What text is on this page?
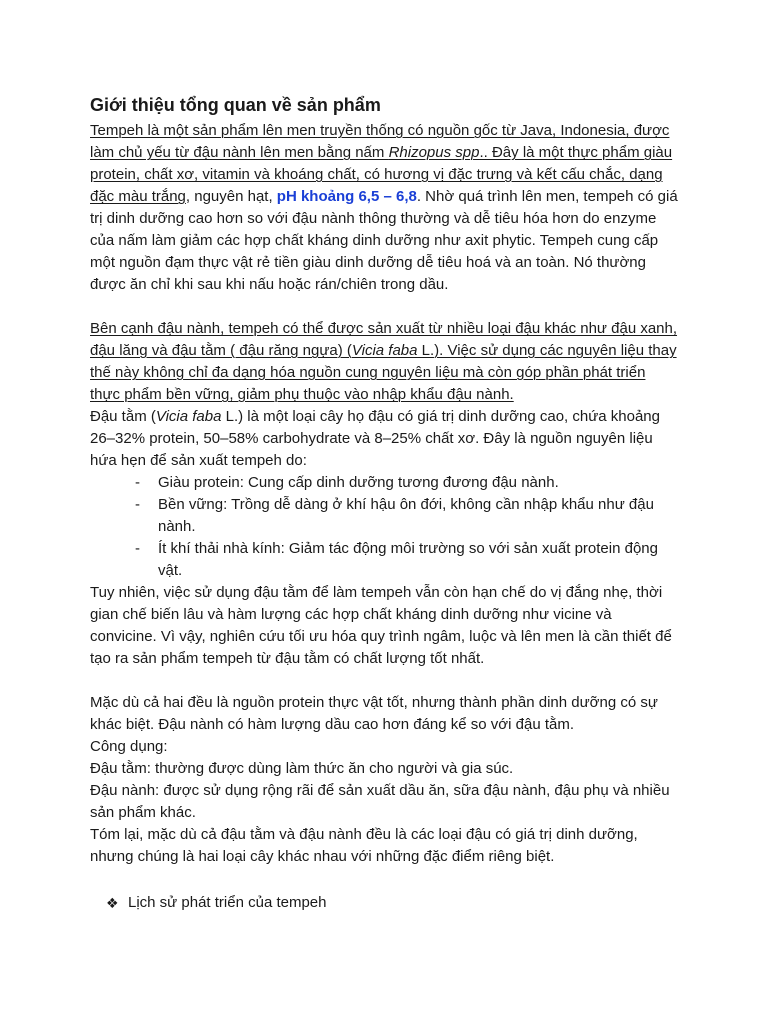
Giới thiệu tổng quan về sản phẩm

Tempeh là một sản phẩm lên men truyền thống có nguồn gốc từ Java, Indonesia, được làm chủ yếu từ đậu nành lên men bằng nấm Rhizopus spp.. Đây là một thực phẩm giàu protein, chất xơ, vitamin và khoáng chất, có hương vị đặc trưng và kết cấu chắc, dạng đặc màu trắng, nguyên hạt, pH khoảng 6,5 – 6,8. Nhờ quá trình lên men, tempeh có giá trị dinh dưỡng cao hơn so với đậu nành thông thường và dễ tiêu hóa hơn do enzyme của nấm làm giảm các hợp chất kháng dinh dưỡng như axit phytic. Tempeh cung cấp một nguồn đạm thực vật rẻ tiền giàu dinh dưỡng dễ tiêu hoá và an toàn. Nó thường được ăn chỉ khi sau khi nấu hoặc rán/chiên trong dầu.

Bên cạnh đậu nành, tempeh có thể được sản xuất từ nhiều loại đậu khác như đậu xanh, đậu lăng và đậu tằm ( đậu răng ngựa) (Vicia faba L.). Việc sử dụng các nguyên liệu thay thế này không chỉ đa dạng hóa nguồn cung nguyên liệu mà còn góp phần phát triển thực phẩm bền vững, giảm phụ thuộc vào nhập khẩu đậu nành.

Đậu tằm (Vicia faba L.) là một loại cây họ đậu có giá trị dinh dưỡng cao, chứa khoảng 26–32% protein, 50–58% carbohydrate và 8–25% chất xơ. Đây là nguồn nguyên liệu hứa hẹn để sản xuất tempeh do:

- Giàu protein: Cung cấp dinh dưỡng tương đương đậu nành.
- Bền vững: Trồng dễ dàng ở khí hậu ôn đới, không cần nhập khẩu như đậu nành.
- Ít khí thải nhà kính: Giảm tác động môi trường so với sản xuất protein động vật.

Tuy nhiên, việc sử dụng đậu tằm để làm tempeh vẫn còn hạn chế do vị đắng nhẹ, thời gian chế biến lâu và hàm lượng các hợp chất kháng dinh dưỡng như vicine và convicine. Vì vậy, nghiên cứu tối ưu hóa quy trình ngâm, luộc và lên men là cần thiết để tạo ra sản phẩm tempeh từ đậu tằm có chất lượng tốt nhất.

Mặc dù cả hai đều là nguồn protein thực vật tốt, nhưng thành phần dinh dưỡng có sự khác biệt. Đậu nành có hàm lượng dầu cao hơn đáng kể so với đậu tằm.

Công dụng:

Đậu tằm: thường được dùng làm thức ăn cho người và gia súc.

Đậu nành: được sử dụng rộng rãi để sản xuất dầu ăn, sữa đậu nành, đậu phụ và nhiều sản phẩm khác.

Tóm lại, mặc dù cả đậu tằm và đậu nành đều là các loại đậu có giá trị dinh dưỡng, nhưng chúng là hai loại cây khác nhau với những đặc điểm riêng biệt.

❖ Lịch sử phát triển của tempeh
